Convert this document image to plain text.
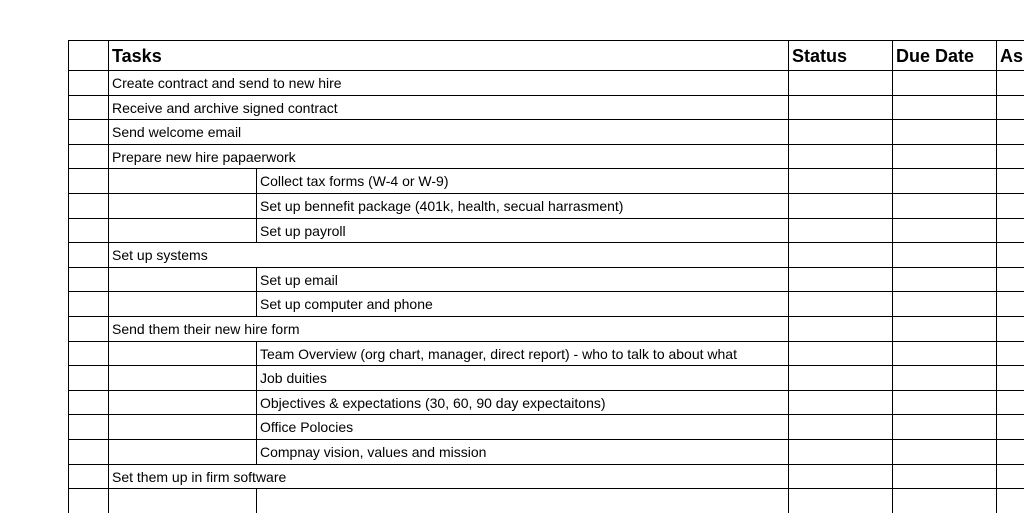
Tasks	Status	Due Date	As
Create contract and send to new hire
Receive and archive signed contract
Send welcome email
Prepare new hire papaerwork
Collect tax forms (W-4 or W-9)
Set up bennefit package (401k, health, secual harrasment)
Set up payroll
Set up systems
Set up email
Set up computer and phone
Send them their new hire form
Team Overview (org chart, manager, direct report) - who to talk to about what
Job duities
Objectives & expectations (30, 60, 90 day expectaitons)
Office Polocies
Compnay vision, values and mission
Set them up in firm software
